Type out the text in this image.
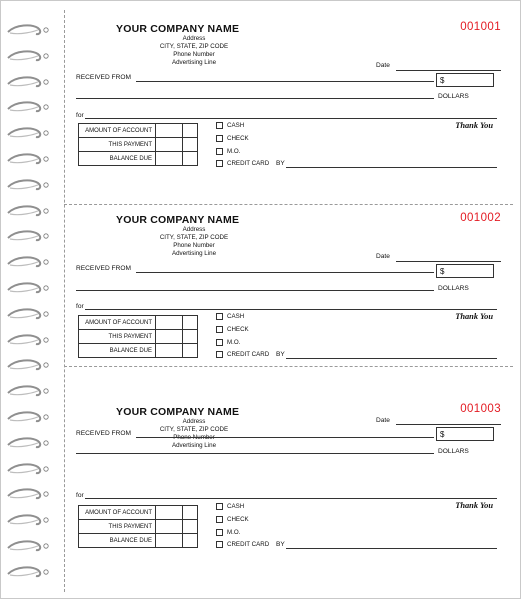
YOUR COMPANY NAME
Address
CITY, STATE, ZIP CODE
Phone Number
Advertising Line
001001
Date
RECEIVED FROM	$
DOLLARS
for
Thank You
AMOUNT OF ACCOUNT		
THIS PAYMENT		
BALANCE DUE		
CASH
CHECK
M.O.
CREDIT CARD BY
YOUR COMPANY NAME
Address
CITY, STATE, ZIP CODE
Phone Number
Advertising Line
001002
Date
RECEIVED FROM	$
DOLLARS
for
Thank You
AMOUNT OF ACCOUNT		
THIS PAYMENT		
BALANCE DUE		
CASH
CHECK
M.O.
CREDIT CARD BY
YOUR COMPANY NAME
Address
CITY, STATE, ZIP CODE
Phone Number
Advertising Line
001003
Date
RECEIVED FROM	$
DOLLARS
for
Thank You
AMOUNT OF ACCOUNT		
THIS PAYMENT		
BALANCE DUE		
CASH
CHECK
M.O.
CREDIT CARD BY
